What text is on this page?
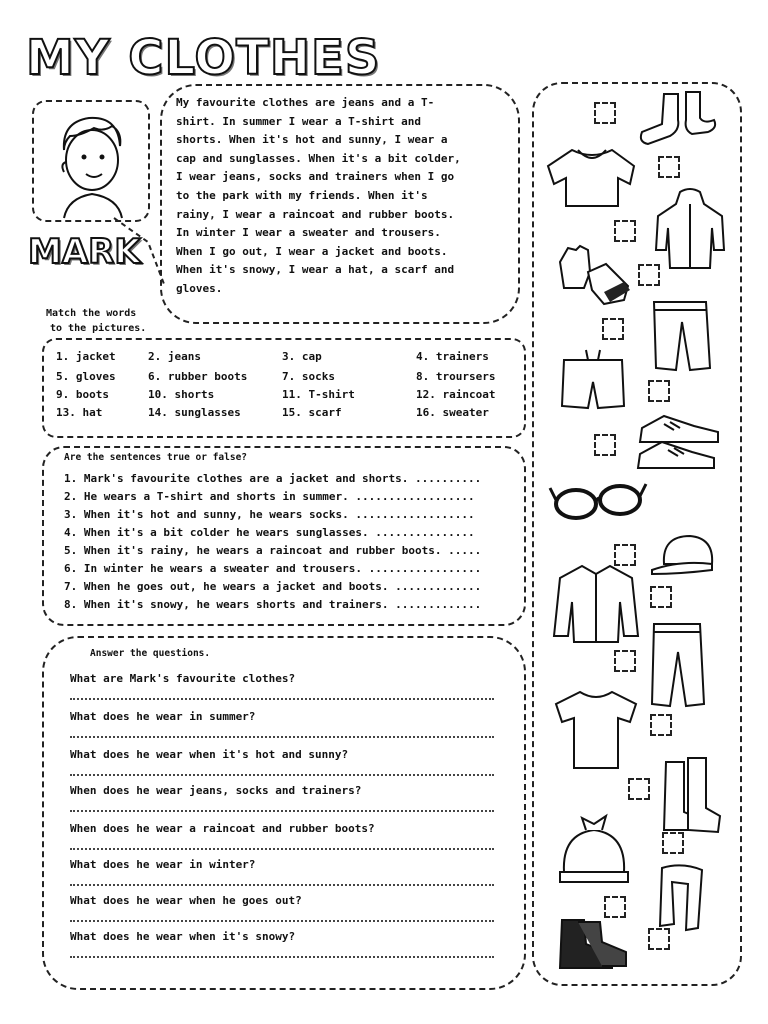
MY CLOTHES
MARK
My favourite clothes are jeans and a T-
shirt. In summer I wear a T-shirt and
shorts. When it's hot and sunny, I wear a
cap and sunglasses. When it's a bit colder,
I wear jeans, socks and trainers when I go
to the park with my friends. When it's
rainy, I wear a raincoat and rubber boots.
In winter I wear a sweater and trousers.
When I go out, I wear a jacket and boots.
When it's snowy, I wear a hat, a scarf and
gloves.
Match the words
to the pictures.
1. jacket	2. jeans	3. cap	4. trainers
5. gloves	6. rubber boots	7. socks	8. troursers
9. boots	10. shorts	11. T-shirt	12. raincoat
13. hat	14. sunglasses	15. scarf	16. sweater
Are the sentences true or false?
1. Mark's favourite clothes are a jacket and shorts. ..........
2. He wears a T-shirt and shorts in summer. ..................
3. When it's hot and sunny, he wears socks. ..................
4. When it's a bit colder he wears sunglasses. ...............
5. When it's rainy, he wears a raincoat and rubber boots. .....
6. In winter he wears a sweater and trousers. .................
7. When he goes out, he wears a jacket and boots. .............
8. When it's snowy, he wears shorts and trainers. .............
Answer the questions.
What are Mark's favourite clothes?
What does he wear in summer?
What does he wear when it's hot and sunny?
When does he wear jeans, socks and trainers?
When does he wear a raincoat and rubber boots?
What does he wear in winter?
What does he wear when he goes out?
What does he wear when it's snowy?
